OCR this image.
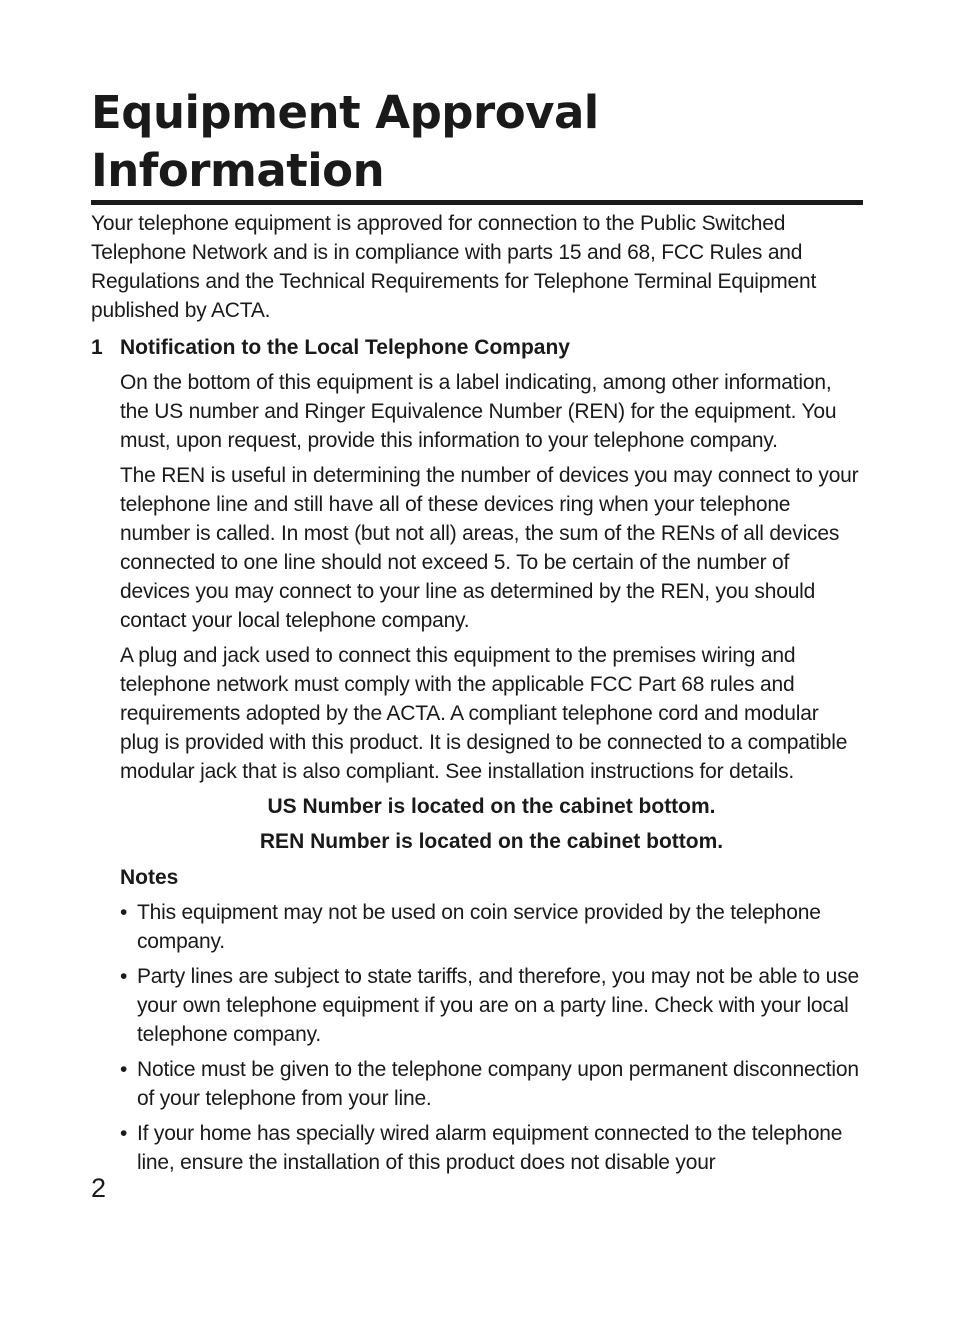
Equipment Approval Information

Your telephone equipment is approved for connection to the Public Switched Telephone Network and is in compliance with parts 15 and 68, FCC Rules and Regulations and the Technical Requirements for Telephone Terminal Equipment published by ACTA.

1 Notification to the Local Telephone Company

On the bottom of this equipment is a label indicating, among other information, the US number and Ringer Equivalence Number (REN) for the equipment. You must, upon request, provide this information to your telephone company.

The REN is useful in determining the number of devices you may connect to your telephone line and still have all of these devices ring when your telephone number is called. In most (but not all) areas, the sum of the RENs of all devices connected to one line should not exceed 5. To be certain of the number of devices you may connect to your line as determined by the REN, you should contact your local telephone company.

A plug and jack used to connect this equipment to the premises wiring and telephone network must comply with the applicable FCC Part 68 rules and requirements adopted by the ACTA. A compliant telephone cord and modular plug is provided with this product. It is designed to be connected to a compatible modular jack that is also compliant. See installation instructions for details.

US Number is located on the cabinet bottom.

REN Number is located on the cabinet bottom.

Notes

• This equipment may not be used on coin service provided by the telephone company.
• Party lines are subject to state tariffs, and therefore, you may not be able to use your own telephone equipment if you are on a party line. Check with your local telephone company.
• Notice must be given to the telephone company upon permanent disconnection of your telephone from your line.
• If your home has specially wired alarm equipment connected to the telephone line, ensure the installation of this product does not disable your
2
